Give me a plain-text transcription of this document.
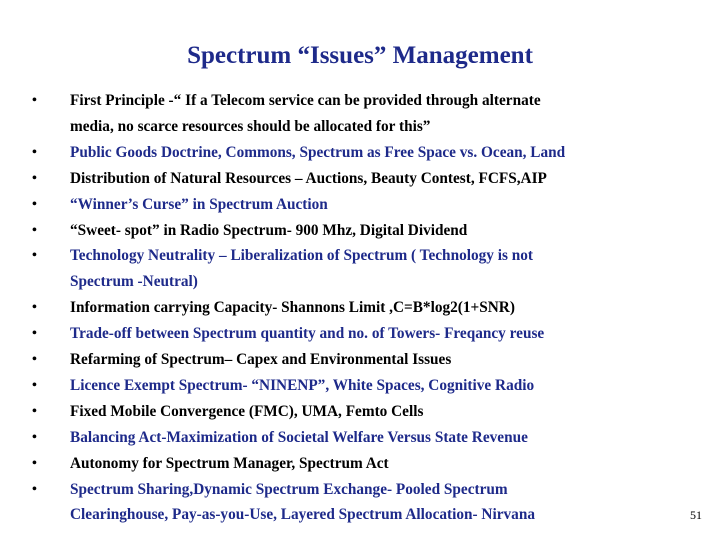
Spectrum “Issues” Management
• First Principle -“ If a Telecom service can be provided through alternate
media, no scarce resources should be allocated for this”
• Public Goods Doctrine, Commons, Spectrum as Free Space vs. Ocean, Land
• Distribution of Natural Resources – Auctions, Beauty Contest, FCFS,AIP
• “Winner’s Curse” in Spectrum Auction
• “Sweet- spot” in Radio Spectrum- 900 Mhz, Digital Dividend
• Technology Neutrality – Liberalization of Spectrum ( Technology is not
Spectrum -Neutral)
• Information carrying Capacity- Shannons Limit ,C=B*log2(1+SNR)
• Trade-off between Spectrum quantity and no. of Towers- Freqancy reuse
• Refarming of Spectrum– Capex and Environmental Issues
• Licence Exempt Spectrum- “NINENP”, White Spaces, Cognitive Radio
• Fixed Mobile Convergence (FMC), UMA, Femto Cells
• Balancing Act-Maximization of Societal Welfare Versus State Revenue
• Autonomy for Spectrum Manager, Spectrum Act
• Spectrum Sharing,Dynamic Spectrum Exchange- Pooled Spectrum
Clearinghouse, Pay-as-you-Use, Layered Spectrum Allocation- Nirvana	51
